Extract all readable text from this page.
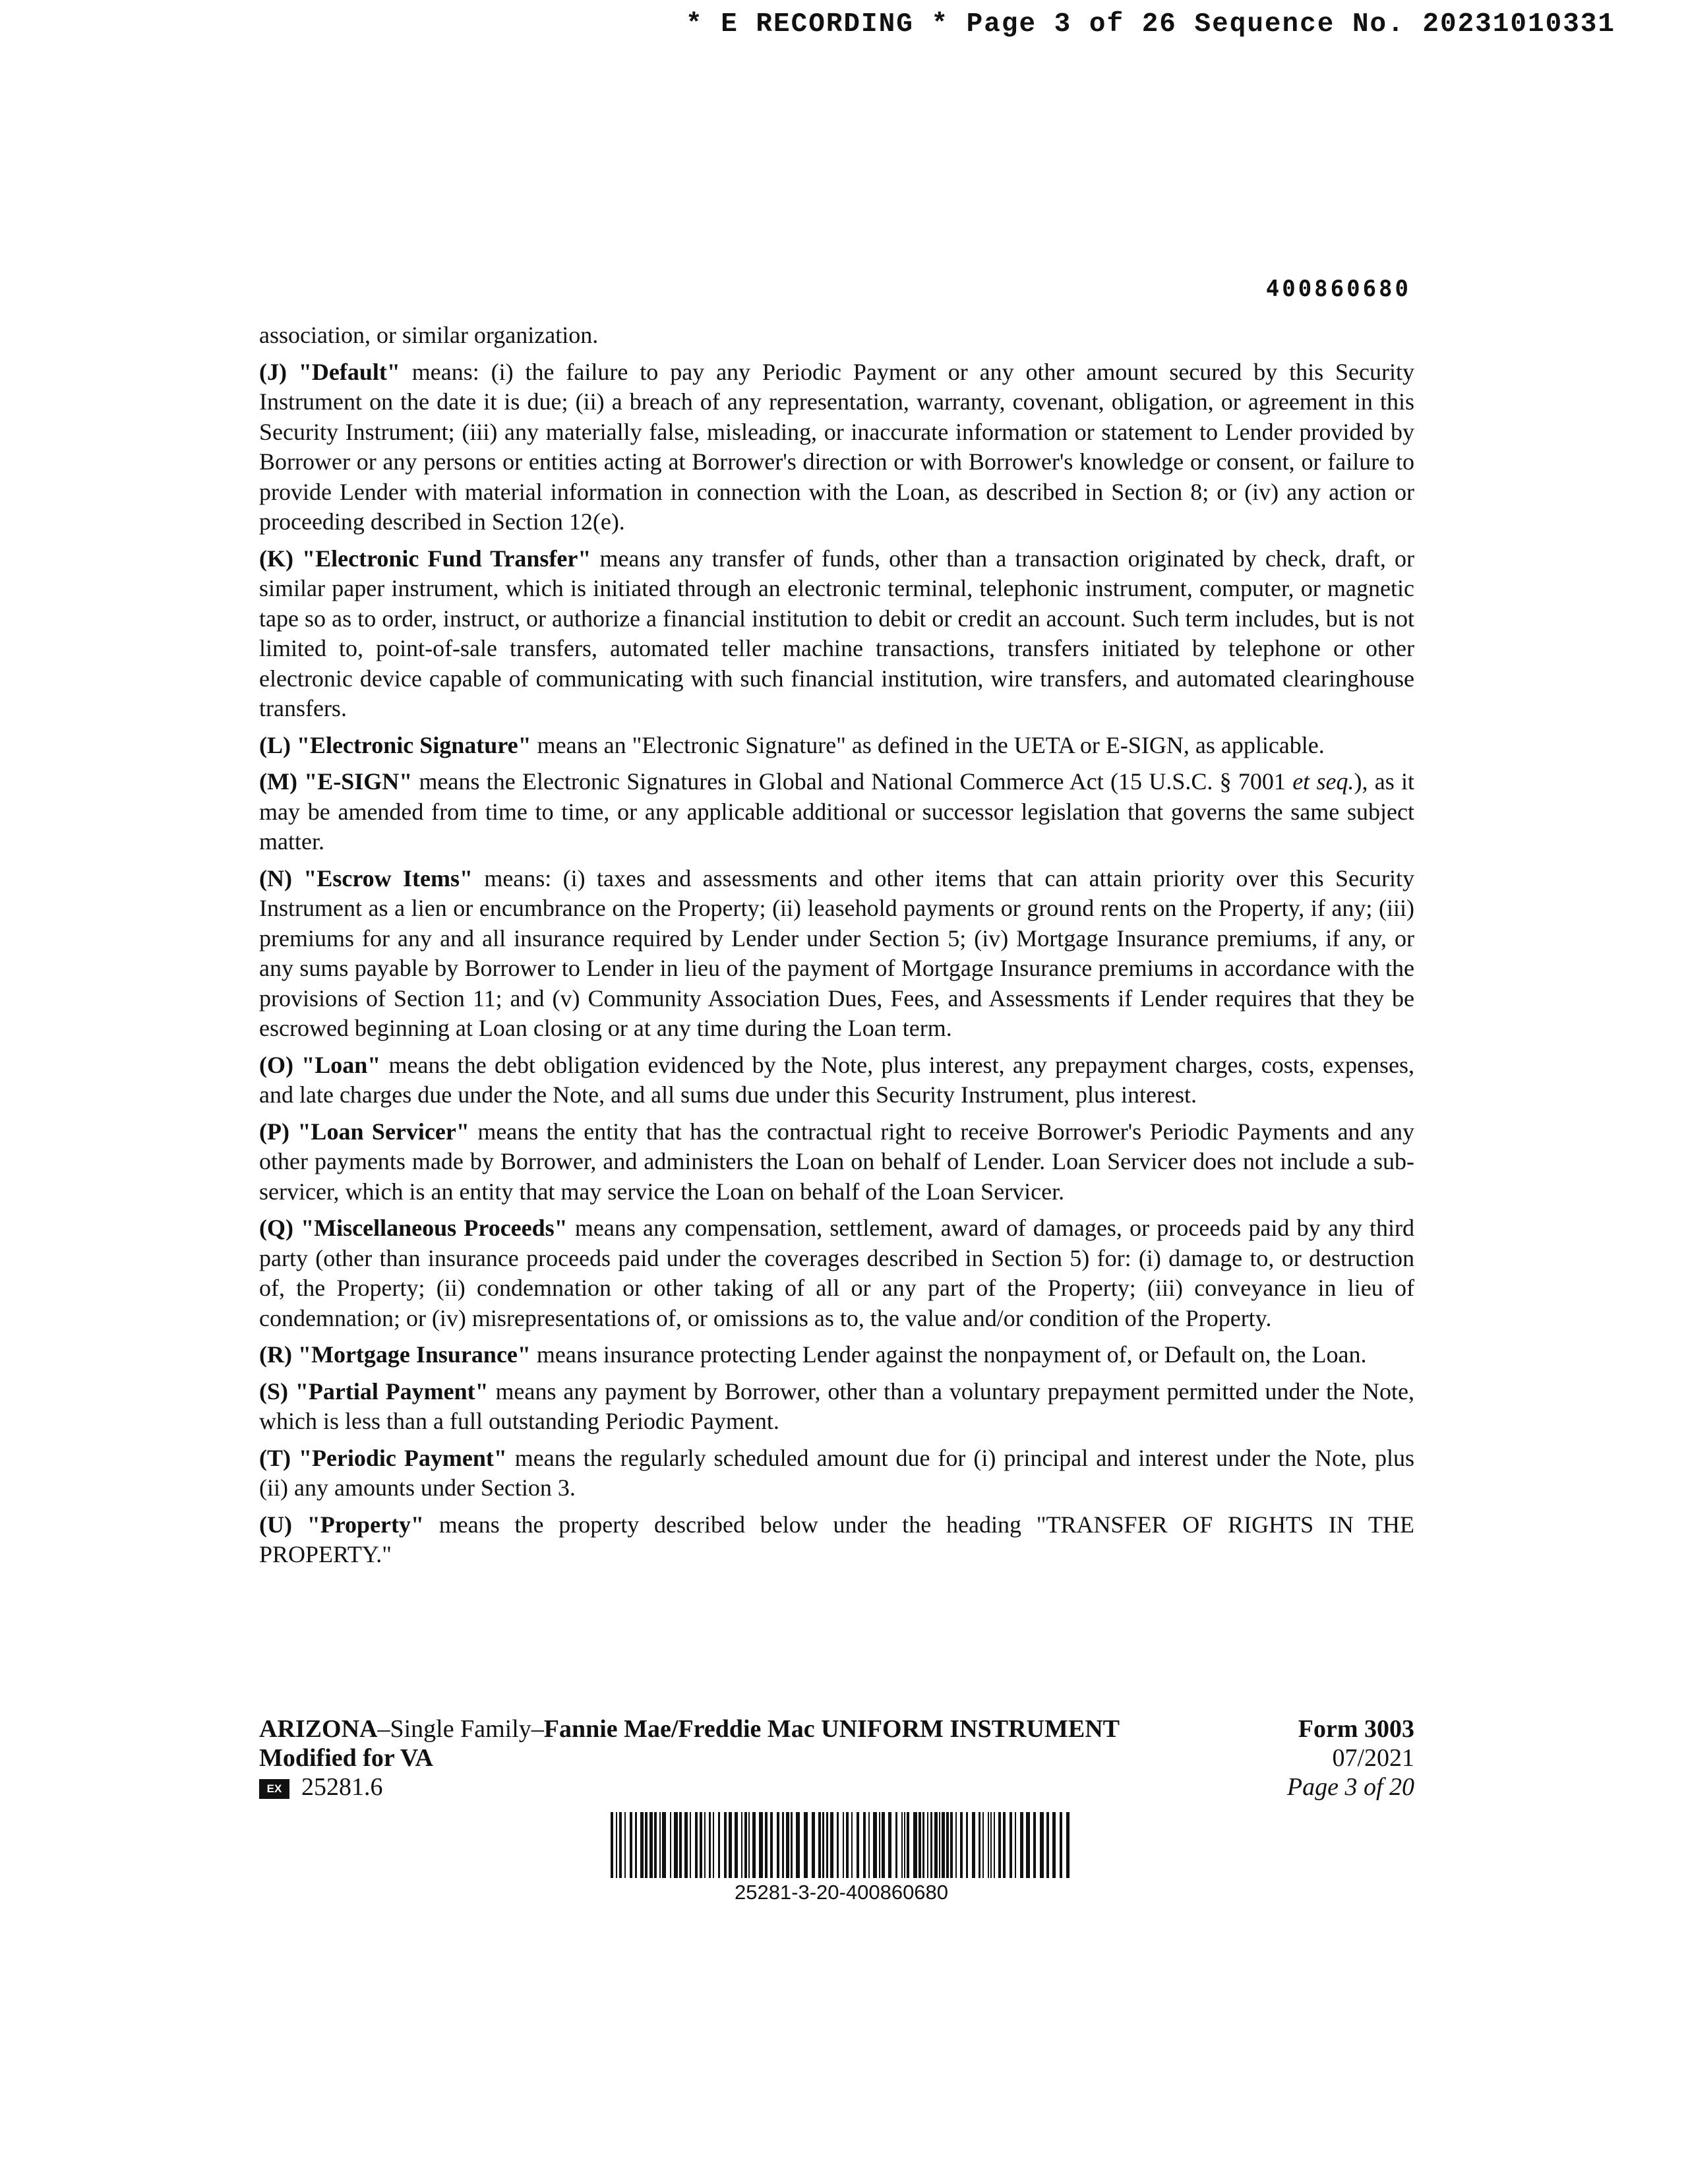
* E RECORDING * Page 3 of 26 Sequence No. 20231010331
400860680

association, or similar organization.

(J) "Default" means: (i) the failure to pay any Periodic Payment or any other amount secured by this Security Instrument on the date it is due; (ii) a breach of any representation, warranty, covenant, obligation, or agreement in this Security Instrument; (iii) any materially false, misleading, or inaccurate information or statement to Lender provided by Borrower or any persons or entities acting at Borrower's direction or with Borrower's knowledge or consent, or failure to provide Lender with material information in connection with the Loan, as described in Section 8; or (iv) any action or proceeding described in Section 12(e).

(K) "Electronic Fund Transfer" means any transfer of funds, other than a transaction originated by check, draft, or similar paper instrument, which is initiated through an electronic terminal, telephonic instrument, computer, or magnetic tape so as to order, instruct, or authorize a financial institution to debit or credit an account. Such term includes, but is not limited to, point-of-sale transfers, automated teller machine transactions, transfers initiated by telephone or other electronic device capable of communicating with such financial institution, wire transfers, and automated clearinghouse transfers.

(L) "Electronic Signature" means an "Electronic Signature" as defined in the UETA or E-SIGN, as applicable.

(M) "E-SIGN" means the Electronic Signatures in Global and National Commerce Act (15 U.S.C. § 7001 et seq.), as it may be amended from time to time, or any applicable additional or successor legislation that governs the same subject matter.

(N) "Escrow Items" means: (i) taxes and assessments and other items that can attain priority over this Security Instrument as a lien or encumbrance on the Property; (ii) leasehold payments or ground rents on the Property, if any; (iii) premiums for any and all insurance required by Lender under Section 5; (iv) Mortgage Insurance premiums, if any, or any sums payable by Borrower to Lender in lieu of the payment of Mortgage Insurance premiums in accordance with the provisions of Section 11; and (v) Community Association Dues, Fees, and Assessments if Lender requires that they be escrowed beginning at Loan closing or at any time during the Loan term.

(O) "Loan" means the debt obligation evidenced by the Note, plus interest, any prepayment charges, costs, expenses, and late charges due under the Note, and all sums due under this Security Instrument, plus interest.

(P) "Loan Servicer" means the entity that has the contractual right to receive Borrower's Periodic Payments and any other payments made by Borrower, and administers the Loan on behalf of Lender. Loan Servicer does not include a sub-servicer, which is an entity that may service the Loan on behalf of the Loan Servicer.

(Q) "Miscellaneous Proceeds" means any compensation, settlement, award of damages, or proceeds paid by any third party (other than insurance proceeds paid under the coverages described in Section 5) for: (i) damage to, or destruction of, the Property; (ii) condemnation or other taking of all or any part of the Property; (iii) conveyance in lieu of condemnation; or (iv) misrepresentations of, or omissions as to, the value and/or condition of the Property.

(R) "Mortgage Insurance" means insurance protecting Lender against the nonpayment of, or Default on, the Loan.

(S) "Partial Payment" means any payment by Borrower, other than a voluntary prepayment permitted under the Note, which is less than a full outstanding Periodic Payment.

(T) "Periodic Payment" means the regularly scheduled amount due for (i) principal and interest under the Note, plus (ii) any amounts under Section 3.

(U) "Property" means the property described below under the heading "TRANSFER OF RIGHTS IN THE PROPERTY."

ARIZONA–Single Family–Fannie Mae/Freddie Mac UNIFORM INSTRUMENT
Modified for VA
EX 25281.6
Form 3003
07/2021
Page 3 of 20
25281-3-20-400860680
